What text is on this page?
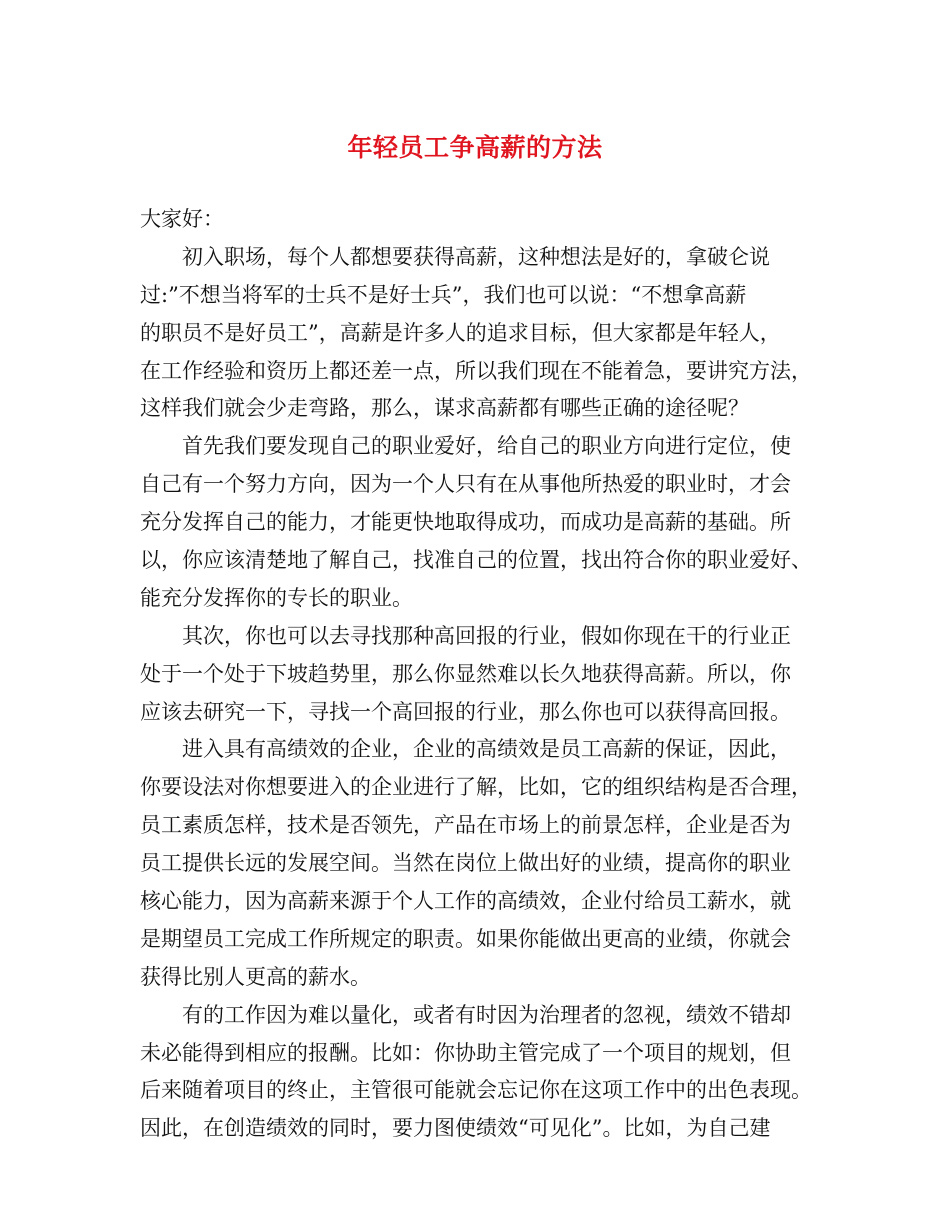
年轻员工争高薪的方法
大家好：
初入职场，每个人都想要获得高薪，这种想法是好的，拿破仑说
过:”不想当将军的士兵不是好士兵”，我们也可以说：“不想拿高薪
的职员不是好员工”，高薪是许多人的追求目标，但大家都是年轻人，
在工作经验和资历上都还差一点，所以我们现在不能着急，要讲究方法，
这样我们就会少走弯路，那么，谋求高薪都有哪些正确的途径呢？
首先我们要发现自己的职业爱好，给自己的职业方向进行定位，使
自己有一个努力方向，因为一个人只有在从事他所热爱的职业时，才会
充分发挥自己的能力，才能更快地取得成功，而成功是高薪的基础。所
以，你应该清楚地了解自己，找准自己的位置，找出符合你的职业爱好、
能充分发挥你的专长的职业。
其次，你也可以去寻找那种高回报的行业，假如你现在干的行业正
处于一个处于下坡趋势里，那么你显然难以长久地获得高薪。所以，你
应该去研究一下，寻找一个高回报的行业，那么你也可以获得高回报。
进入具有高绩效的企业，企业的高绩效是员工高薪的保证，因此，
你要设法对你想要进入的企业进行了解，比如，它的组织结构是否合理，
员工素质怎样，技术是否领先，产品在市场上的前景怎样，企业是否为
员工提供长远的发展空间。当然在岗位上做出好的业绩，提高你的职业
核心能力，因为高薪来源于个人工作的高绩效，企业付给员工薪水，就
是期望员工完成工作所规定的职责。如果你能做出更高的业绩，你就会
获得比别人更高的薪水。
有的工作因为难以量化，或者有时因为治理者的忽视，绩效不错却
未必能得到相应的报酬。比如：你协助主管完成了一个项目的规划，但
后来随着项目的终止，主管很可能就会忘记你在这项工作中的出色表现。
因此，在创造绩效的同时，要力图使绩效“可见化”。比如，为自己建
